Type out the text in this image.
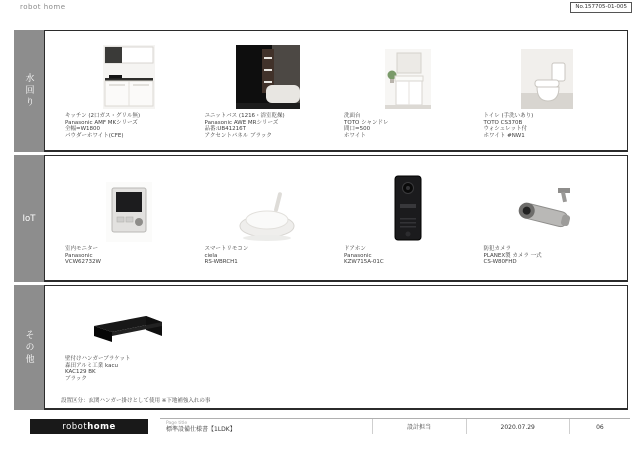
robot home	No.157705-01-005
水回り
キッチン (2口ガス・グリル無)
Panasonic AMF MKシリーズ
全幅=W1800
パウダーホワイト(CFE)
ユニットバス (1216・浴室乾燥)
Panasonic AWE MRシリーズ
品番:UB41216T
アクセントパネル ブラック
洗面台
TOTO シャンドレ
間口=500
ホワイト
トイレ (手洗いあり)
TOTO CS370B
ウォシュレット付
ホワイト #NW1
IoT
室内モニター
Panasonic
VCW62732W
スマートリモコン
ciela
RS-WBRCH1
ドアホン
Panasonic
KZW715A-01C
防犯カメラ
PLANEX製 カメラ 一式
CS-W80FHD
その他	壁付けハンガーブラケット
森田アルミ工業 kacu
KAC129 BK
ブラック
設置区分：玄関ハンガー掛けとして使用 ※下地補強入れの事
robot home	Page title
標準設備仕様書【1LDK】	設計担当	2020.07.29	06
